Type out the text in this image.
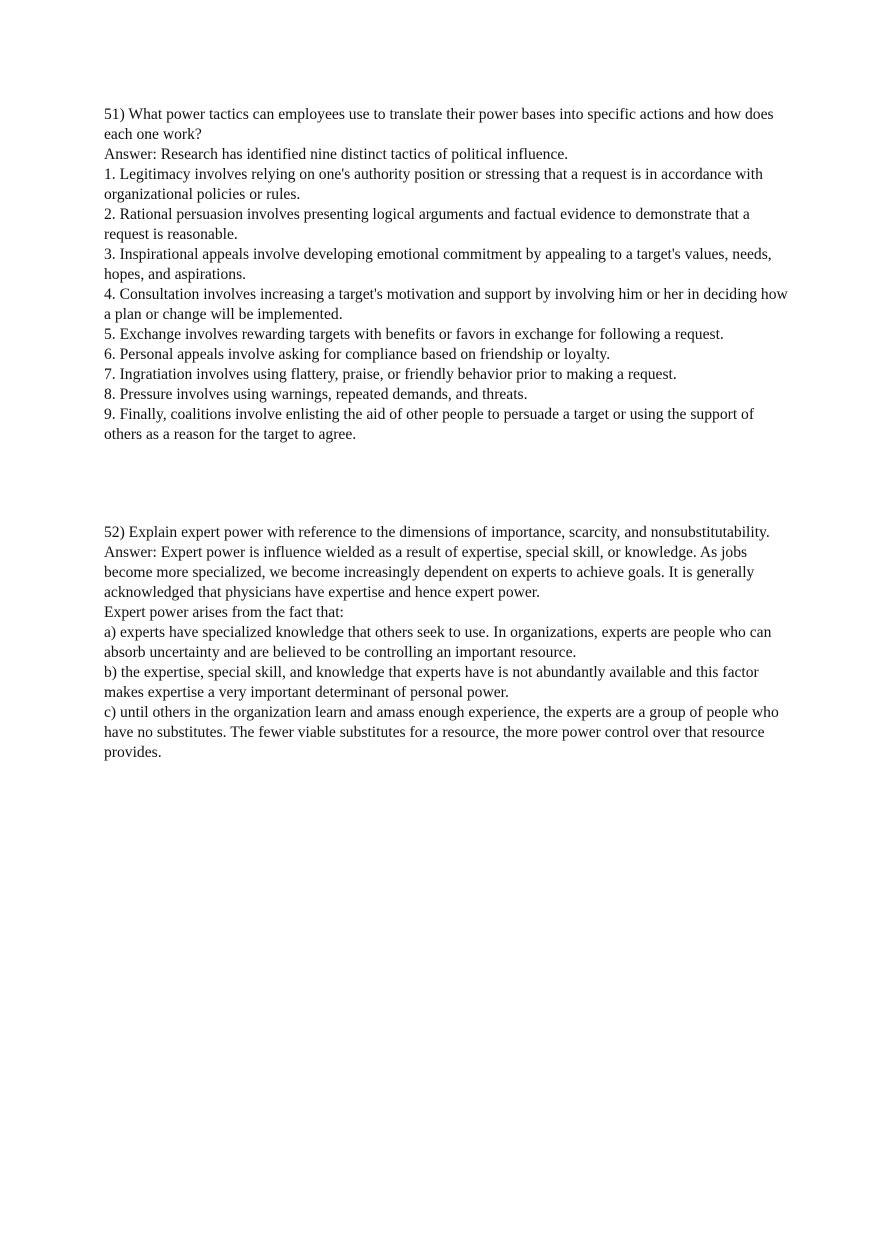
51) What power tactics can employees use to translate their power bases into specific actions and how does each one work?

Answer: Research has identified nine distinct tactics of political influence.

1. Legitimacy involves relying on one's authority position or stressing that a request is in accordance with organizational policies or rules.

2. Rational persuasion involves presenting logical arguments and factual evidence to demonstrate that a request is reasonable.

3. Inspirational appeals involve developing emotional commitment by appealing to a target's values, needs, hopes, and aspirations.

4. Consultation involves increasing a target's motivation and support by involving him or her in deciding how a plan or change will be implemented.

5. Exchange involves rewarding targets with benefits or favors in exchange for following a request.

6. Personal appeals involve asking for compliance based on friendship or loyalty.

7. Ingratiation involves using flattery, praise, or friendly behavior prior to making a request.

8. Pressure involves using warnings, repeated demands, and threats.

9. Finally, coalitions involve enlisting the aid of other people to persuade a target or using the support of others as a reason for the target to agree.

52) Explain expert power with reference to the dimensions of importance, scarcity, and nonsubstitutability.

Answer: Expert power is influence wielded as a result of expertise, special skill, or knowledge. As jobs become more specialized, we become increasingly dependent on experts to achieve goals. It is generally acknowledged that physicians have expertise and hence expert power.

Expert power arises from the fact that:

a) experts have specialized knowledge that others seek to use. In organizations, experts are people who can absorb uncertainty and are believed to be controlling an important resource.

b) the expertise, special skill, and knowledge that experts have is not abundantly available and this factor makes expertise a very important determinant of personal power.

c) until others in the organization learn and amass enough experience, the experts are a group of people who have no substitutes. The fewer viable substitutes for a resource, the more power control over that resource provides.
